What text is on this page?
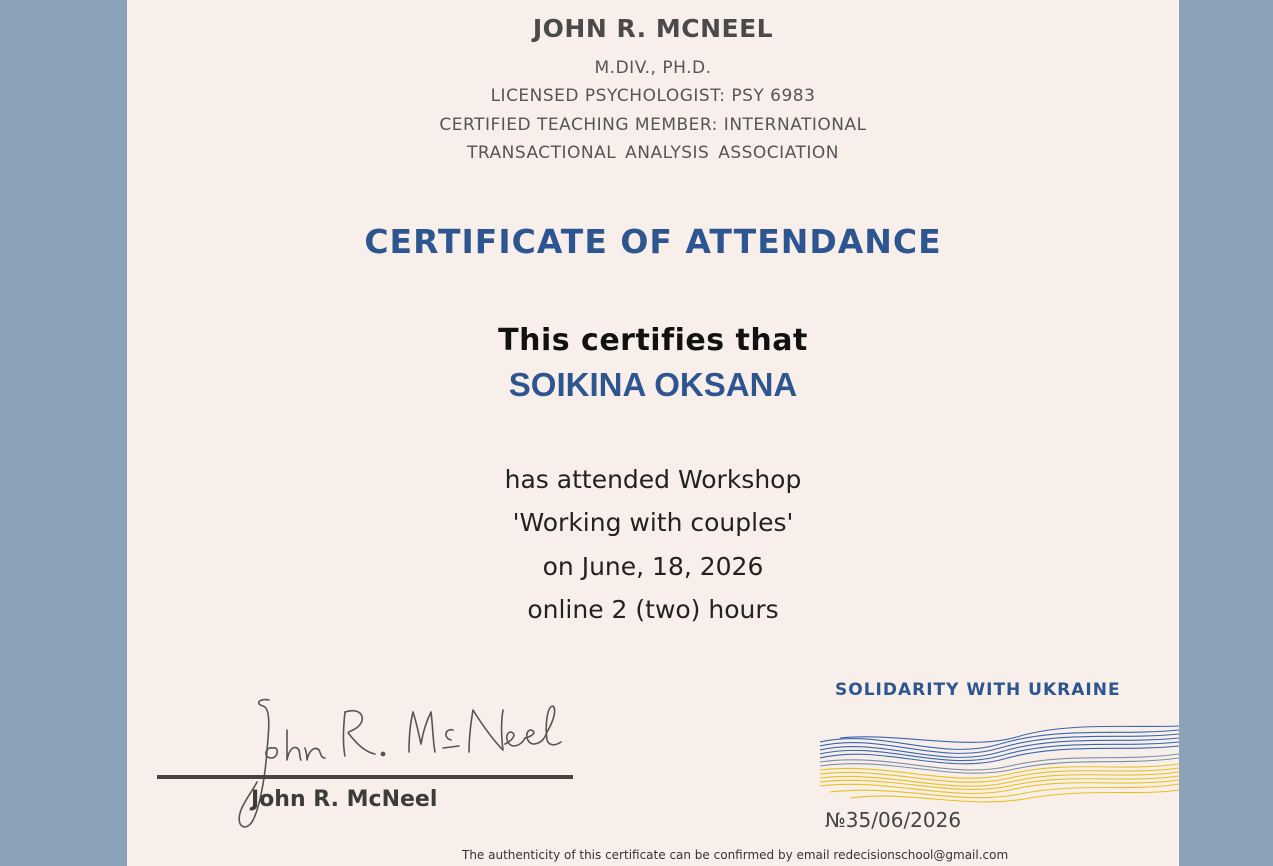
JOHN R. MCNEEL
M.DIV., PH.D.
LICENSED PSYCHOLOGIST: PSY 6983
CERTIFIED TEACHING MEMBER: INTERNATIONAL
TRANSACTIONAL ANALYSIS ASSOCIATION
CERTIFICATE OF ATTENDANCE
This certifies that
SOIKINA OKSANA
has attended Workshop
'Working with couples'
on June, 18, 2026
online 2 (two) hours
John R. McNeel
SOLIDARITY WITH UKRAINE
№35/06/2026
The authenticity of this certificate can be confirmed by email redecisionschool@gmail.com
